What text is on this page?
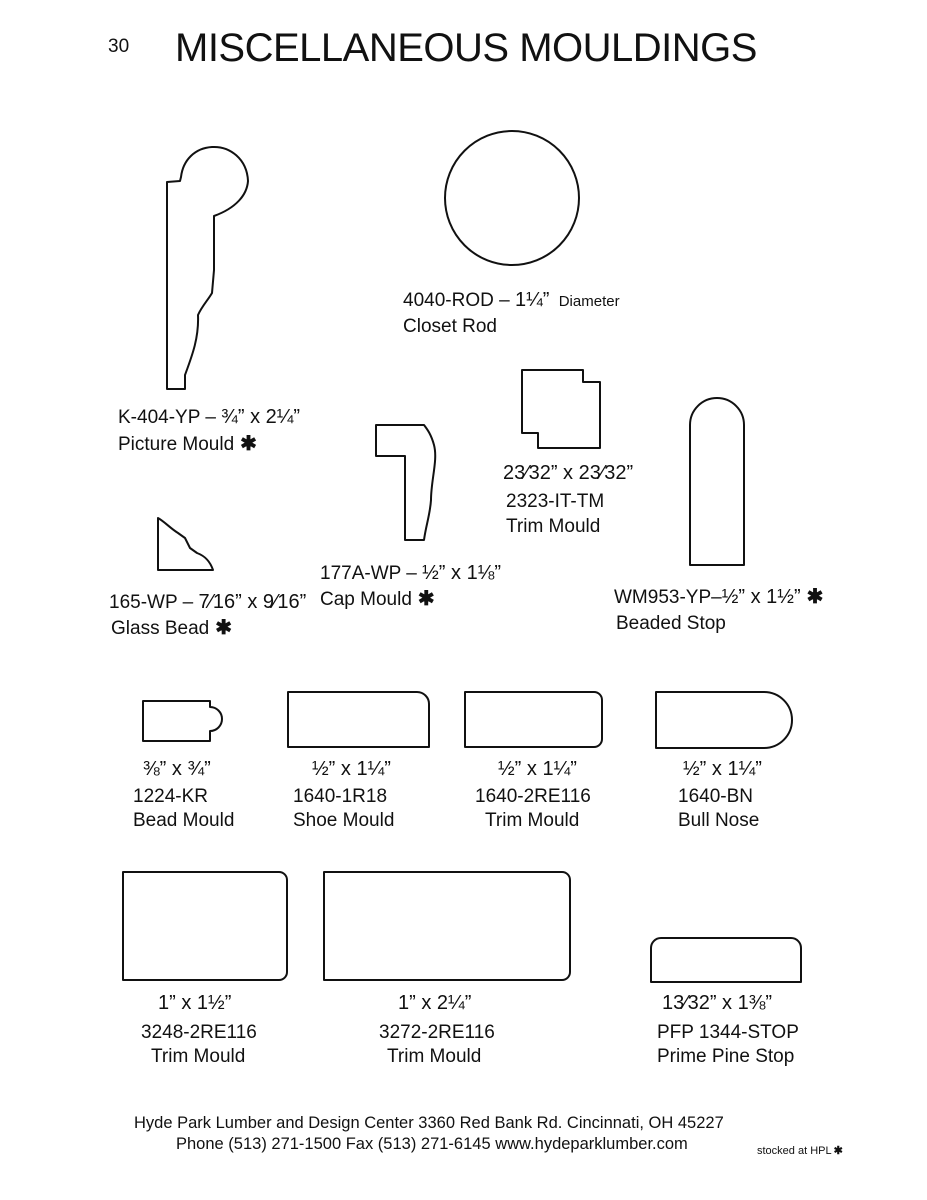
30 MISCELLANEOUS MOULDINGS
4040-ROD – 1¼” Diameter
Closet Rod
K-404-YP – ¾” x 2¼”
Picture Mould ✱
23⁄32” x 23⁄32”
2323-IT-TM
Trim Mould
177A-WP – ½” x 1⅛”
Cap Mould ✱
165-WP – 7⁄16” x 9⁄16”
Glass Bead ✱
WM953-YP–½” x 1½” ✱
Beaded Stop
⅜” x ¾”
1224-KR
Bead Mould
½” x 1¼”
1640-1R18
Shoe Mould
½” x 1¼”
1640-2RE116
Trim Mould
½” x 1¼”
1640-BN
Bull Nose
1” x 1½”
3248-2RE116
Trim Mould
1” x 2¼”
3272-2RE116
Trim Mould
13⁄32” x 1⅜”
PFP 1344-STOP
Prime Pine Stop
Hyde Park Lumber and Design Center 3360 Red Bank Rd. Cincinnati, OH 45227
Phone (513) 271-1500 Fax (513) 271-6145 www.hydeparklumber.com	stocked at HPL ✱
